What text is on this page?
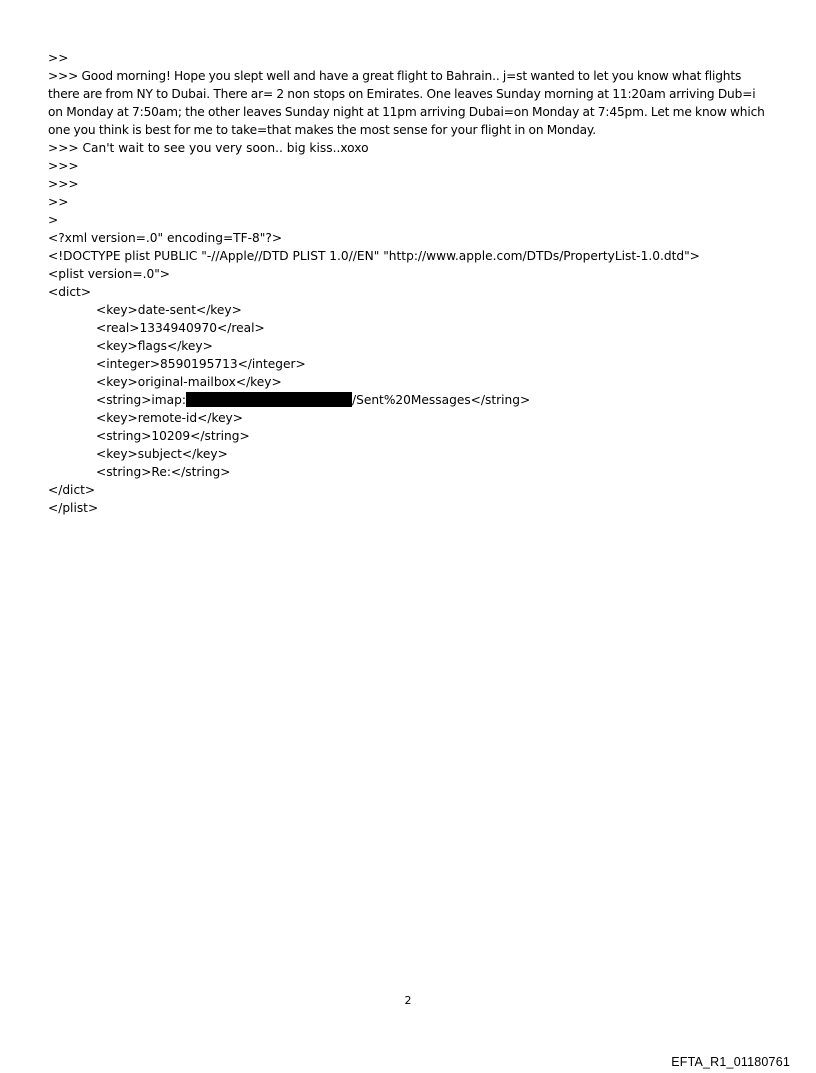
>>
>>> Good morning! Hope you slept well and have a great flight to Bahrain.. j=st wanted to let you know what flights
there are from NY to Dubai. There ar= 2 non stops on Emirates. One leaves Sunday morning at 11:20am arriving Dub=i
on Monday at 7:50am; the other leaves Sunday night at 11pm arriving Dubai=on Monday at 7:45pm. Let me know which
one you think is best for me to take=that makes the most sense for your flight in on Monday.
>>> Can't wait to see you very soon.. big kiss..xoxo
>>>
>>>
>>
>
<?xml version=.0" encoding=TF-8"?>
<!DOCTYPE plist PUBLIC "-//Apple//DTD PLIST 1.0//EN" "http://www.apple.com/DTDs/PropertyList-1.0.dtd">
<plist version=.0">
<dict>
<key>date-sent</key>
<real>1334940970</real>
<key>flags</key>
<integer>8590195713</integer>
<key>original-mailbox</key>
<string>imap:	/Sent%20Messages</string>
<key>remote-id</key>
<string>10209</string>
<key>subject</key>
<string>Re:</string>
</dict>
</plist>
2
EFTA_R1_01180761
